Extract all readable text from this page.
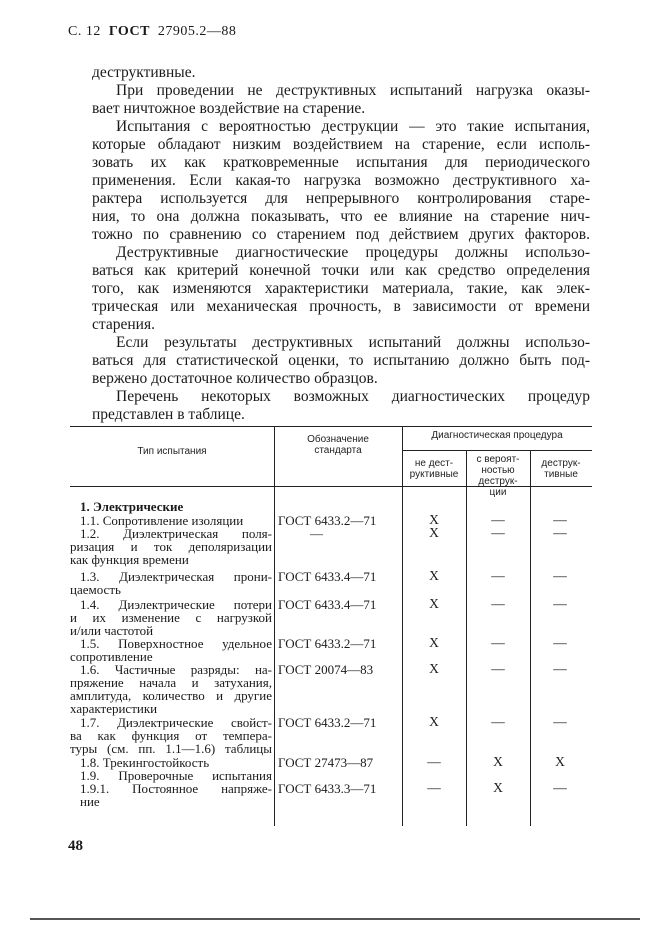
С. 12 ГОСТ 27905.2—88
деструктивные.
При проведении не деструктивных испытаний нагрузка оказы-
вает ничтожное воздействие на старение.
Испытания с вероятностью деструкции — это такие испытания,
которые обладают низким воздействием на старение, если исполь-
зовать их как кратковременные испытания для периодического
применения. Если какая-то нагрузка возможно деструктивного ха-
рактера используется для непрерывного контролирования старе-
ния, то она должна показывать, что ее влияние на старение нич-
тожно по сравнению со старением под действием других факторов.
Деструктивные диагностические процедуры должны использо-
ваться как критерий конечной точки или как средство определения
того, как изменяются характеристики материала, такие, как элек-
трическая или механическая прочность, в зависимости от времени
старения.
Если результаты деструктивных испытаний должны использо-
ваться для статистической оценки, то испытанию должно быть под-
вержено достаточное количество образцов.
Перечень некоторых возможных диагностических процедур
представлен в таблице.
Тип испытания
Обозначение стандарта
Диагностическая процедура
не дест-руктивные
с вероят-ностью деструк-ции
деструк-тивные
1. Электрические
1.1. Сопротивление изоляции	ГОСТ 6433.2—71	X	—	—
1.2. Диэлектрическая поля-
ризация и ток деполяризации
как функция времени
—	X	—	—
1.3. Диэлектрическая прони-
цаемость
ГОСТ 6433.4—71	X	—	—
1.4. Диэлектрические потери
и их изменение с нагрузкой
и/или частотой
ГОСТ 6433.4—71	X	—	—
1.5. Поверхностное удельное
сопротивление
ГОСТ 6433.2—71	X	—	—
1.6. Частичные разряды: на-
пряжение начала и затухания,
амплитуда, количество и другие
характеристики
ГОСТ 20074—83	X	—	—
1.7. Диэлектрические свойст-
ва как функция от темпера-
туры (см. пп. 1.1—1.6) таблицы
ГОСТ 6433.2—71	X	—	—
1.8. Трекингостойкость	ГОСТ 27473—87	—	X	X
1.9. Проверочные испытания
1.9.1. Постоянное напряже-
ние
ГОСТ 6433.3—71	—	X	—
48
